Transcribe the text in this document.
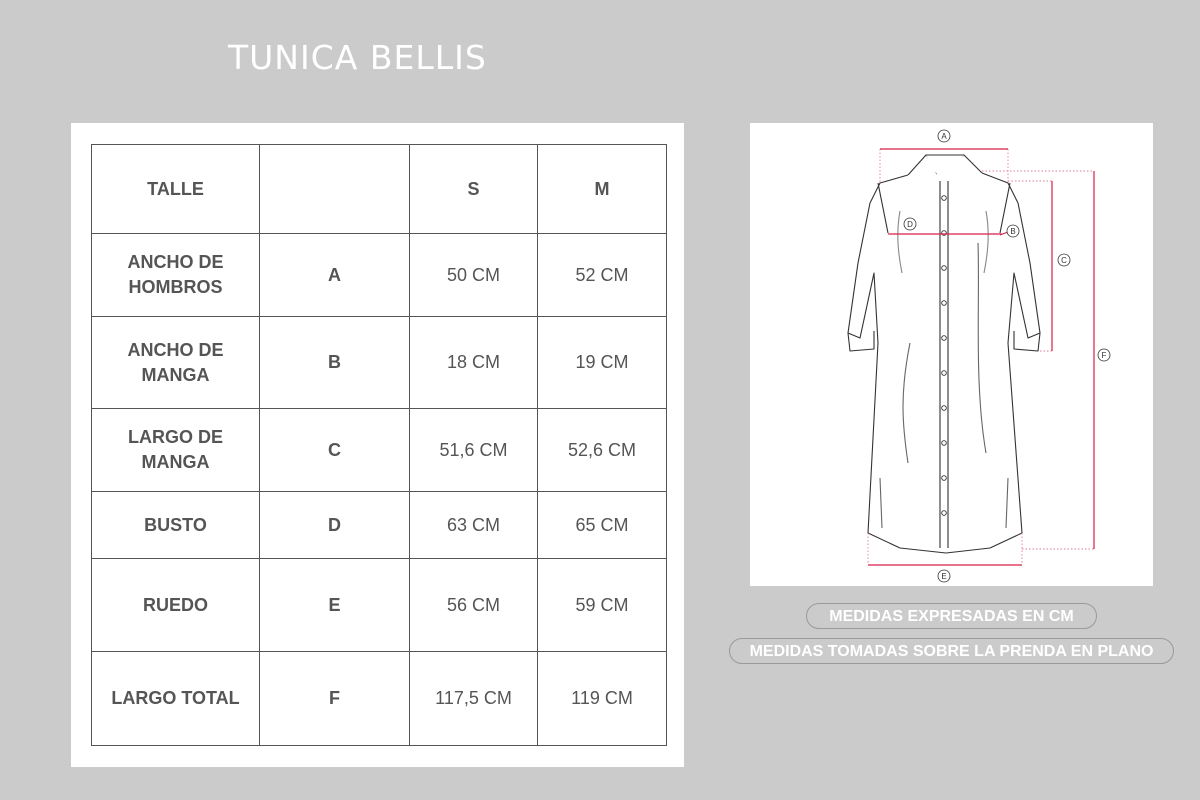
TUNICA BELLIS
TALLE		S	M
ANCHO DE HOMBROS	A	50 CM	52 CM
ANCHO DE MANGA	B	18 CM	19 CM
LARGO DE MANGA	C	51,6 CM	52,6 CM
BUSTO	D	63 CM	65 CM
RUEDO	E	56 CM	59 CM
LARGO TOTAL	F	117,5 CM	119 CM
A
B
C
D
E
F
MEDIDAS EXPRESADAS EN CM
MEDIDAS TOMADAS SOBRE LA PRENDA EN PLANO
